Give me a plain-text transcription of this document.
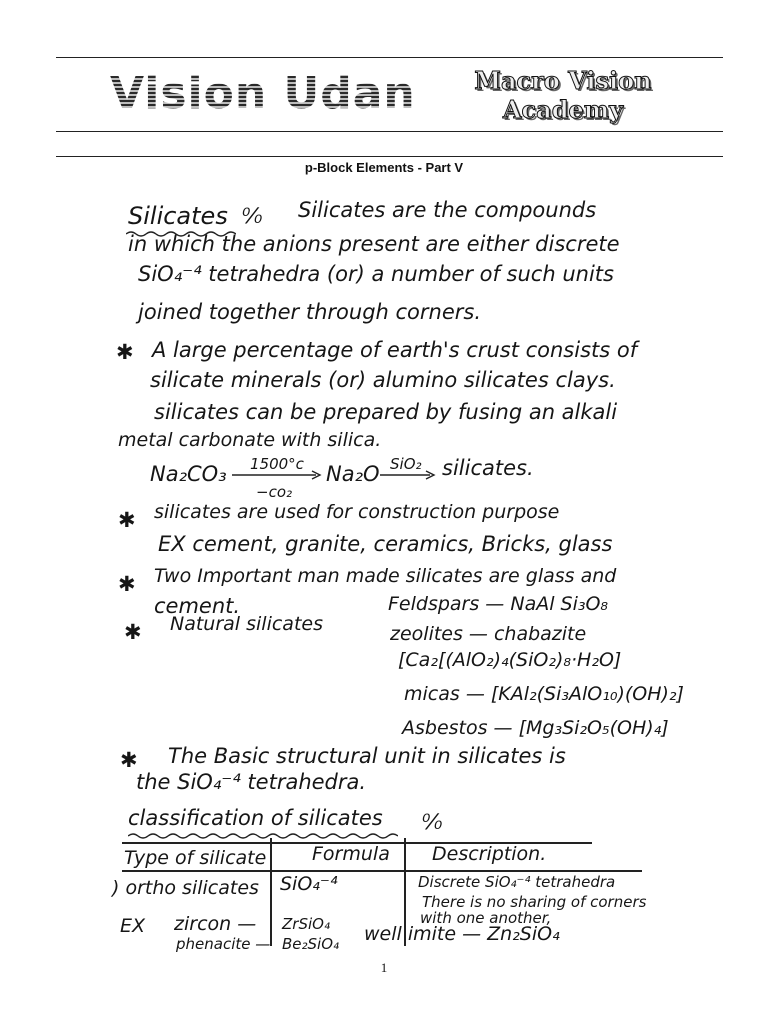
Vision Udan	Macro Vision
Academy
p-Block Elements - Part V
Silicates ⁰⁄₀ Silicates are the compounds
in which the anions present are either discrete
SiO₄⁻⁴ tetrahedra (or) a number of such units
joined together through corners.
✱ A large percentage of earth's crust consists of
silicate minerals (or) alumino silicates clays.
silicates can be prepared by fusing an alkali
metal carbonate with silica.
Na₂CO₃ 1500°c
−co₂
Na₂O SiO₂ → silicates.
✱ silicates are used for construction purpose
EX cement, granite, ceramics, Bricks, glass
✱ Two Important man made silicates are glass and
cement.
✱ Natural silicates
Feldspars — NaAl Si₃O₈
zeolites — chabazite
[Ca₂[(AlO₂)₄(SiO₂)₈·H₂O]
micas — [KAl₂(Si₃AlO₁₀)(OH)₂]
Asbestos — [Mg₃Si₂O₅(OH)₄]
✱ The Basic structural unit in silicates is
the SiO₄⁻⁴ tetrahedra.
classification of silicates ⁰⁄₀
Type of silicate Formula Description.
) ortho silicates SiO₄⁻⁴	Discrete SiO₄⁻⁴ tetrahedra
There is no sharing of corners
with one another,
EX zircon — ZrSiO₄
phenacite — Be₂SiO₄ well imite — Zn₂SiO₄
1
